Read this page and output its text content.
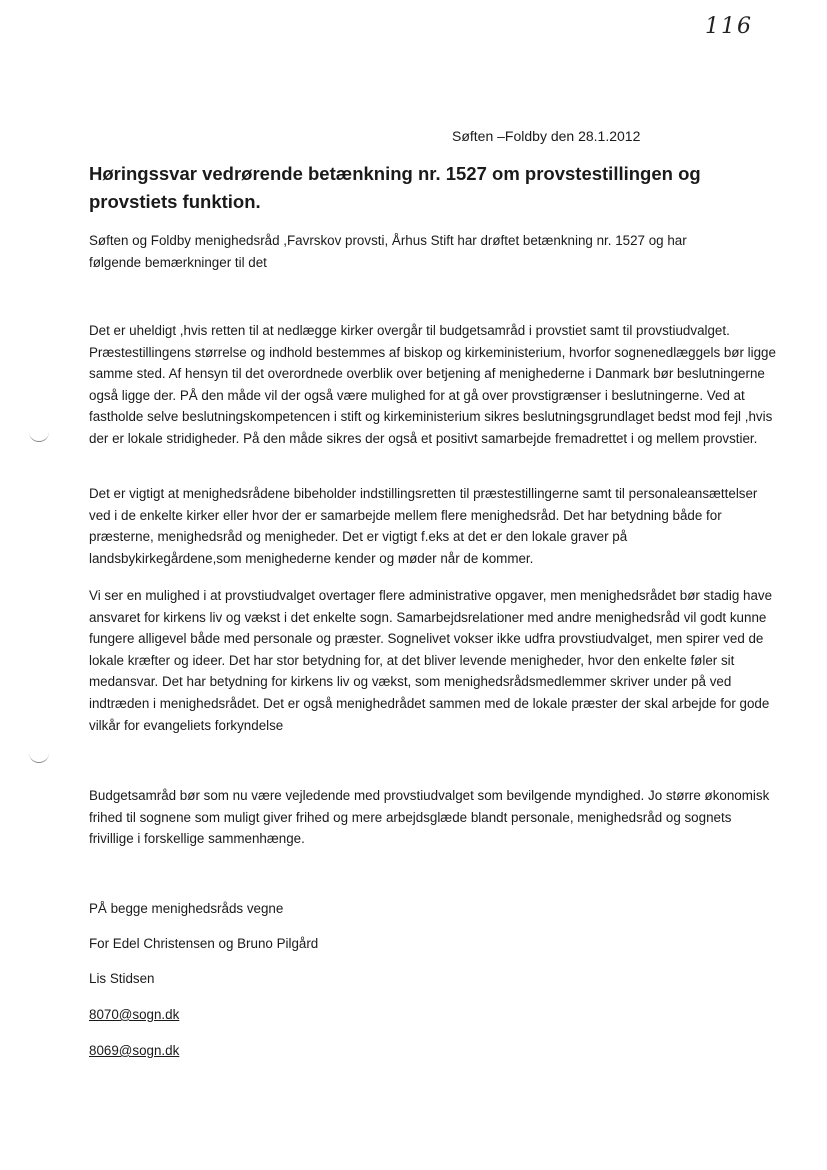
116
Søften –Foldby den 28.1.2012
Høringssvar vedrørende betænkning nr. 1527 om provstestillingen og provstiets funktion.

Søften og Foldby menighedsråd ,Favrskov provsti, Århus Stift har drøftet betænkning nr. 1527 og har følgende bemærkninger til det

Det er uheldigt ,hvis retten til at nedlægge kirker overgår til budgetsamråd i provstiet samt til provstiudvalget. Præstestillingens størrelse og indhold bestemmes af biskop og kirkeministerium, hvorfor sognenedlæggels bør ligge samme sted. Af hensyn til det overordnede overblik over betjening af menighederne i Danmark bør beslutningerne også ligge der. PÅ den måde vil der også være mulighed for at gå over provstigrænser i beslutningerne. Ved at fastholde selve beslutningskompetencen i stift og kirkeministerium sikres beslutningsgrundlaget bedst mod fejl ,hvis der er lokale stridigheder. På den måde sikres der også et positivt samarbejde fremadrettet i og mellem provstier.

Det er vigtigt at menighedsrådene bibeholder indstillingsretten til præstestillingerne samt til personaleansættelser ved i de enkelte kirker eller hvor der er samarbejde mellem flere menighedsråd. Det har betydning både for præsterne, menighedsråd og menigheder. Det er vigtigt f.eks at det er den lokale graver på landsbykirkegårdene,som menighederne kender og møder når de kommer.

Vi ser en mulighed i at provstiudvalget overtager flere administrative opgaver, men menighedsrådet bør stadig have ansvaret for kirkens liv og vækst i det enkelte sogn. Samarbejdsrelationer med andre menighedsråd vil godt kunne fungere alligevel både med personale og præster. Sognelivet vokser ikke udfra provstiudvalget, men spirer ved de lokale kræfter og ideer. Det har stor betydning for, at det bliver levende menigheder, hvor den enkelte føler sit medansvar. Det har betydning for kirkens liv og vækst, som menighedsrådsmedlemmer skriver under på ved indtræden i menighedsrådet. Det er også menighedrådet sammen med de lokale præster der skal arbejde for gode vilkår for evangeliets forkyndelse

Budgetsamråd bør som nu være vejledende med provstiudvalget som bevilgende myndighed. Jo større økonomisk frihed til sognene som muligt giver frihed og mere arbejdsglæde blandt personale, menighedsråd og sognets frivillige i forskellige sammenhænge.

PÅ begge menighedsråds vegne
For Edel Christensen og Bruno Pilgård
Lis Stidsen
8070@sogn.dk
8069@sogn.dk
